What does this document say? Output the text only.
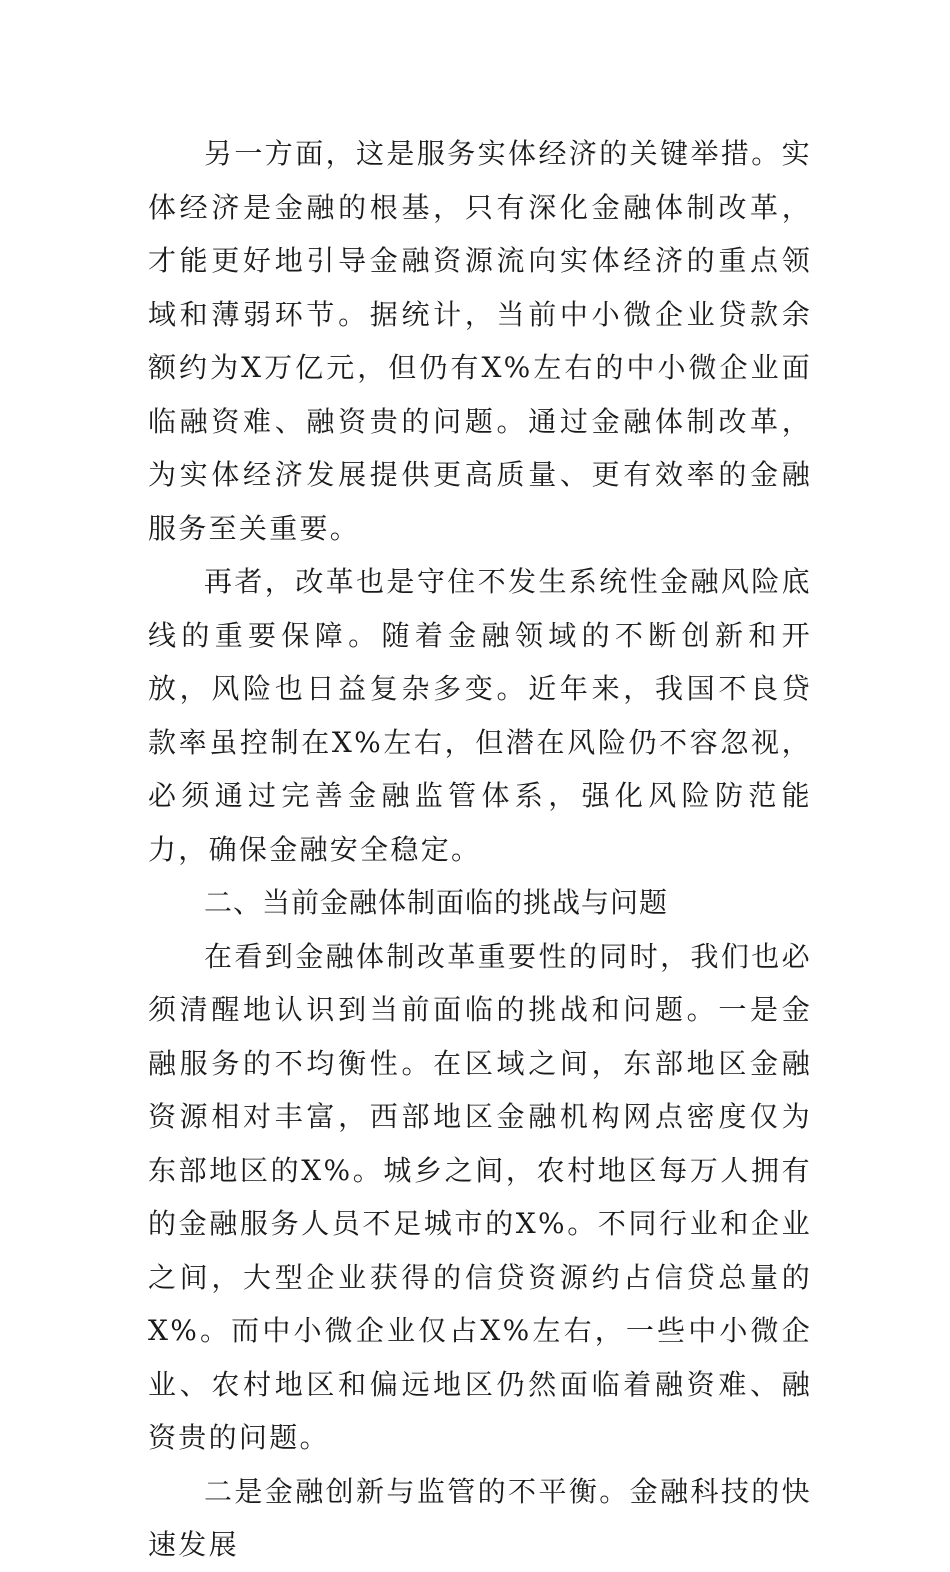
另一方面，这是服务实体经济的关键举措。实体经济是金融的根基，只有深化金融体制改革，才能更好地引导金融资源流向实体经济的重点领域和薄弱环节。据统计，当前中小微企业贷款余额约为X万亿元，但仍有X%左右的中小微企业面临融资难、融资贵的问题。通过金融体制改革，为实体经济发展提供更高质量、更有效率的金融服务至关重要。

再者，改革也是守住不发生系统性金融风险底线的重要保障。随着金融领域的不断创新和开放，风险也日益复杂多变。近年来，我国不良贷款率虽控制在X%左右，但潜在风险仍不容忽视，必须通过完善金融监管体系，强化风险防范能力，确保金融安全稳定。

二、当前金融体制面临的挑战与问题

在看到金融体制改革重要性的同时，我们也必须清醒地认识到当前面临的挑战和问题。一是金融服务的不均衡性。在区域之间，东部地区金融资源相对丰富，西部地区金融机构网点密度仅为东部地区的X%。城乡之间，农村地区每万人拥有的金融服务人员不足城市的X%。不同行业和企业之间，大型企业获得的信贷资源约占信贷总量的X%。而中小微企业仅占X%左右，一些中小微企业、农村地区和偏远地区仍然面临着融资难、融资贵的问题。

二是金融创新与监管的不平衡。金融科技的快速发展
